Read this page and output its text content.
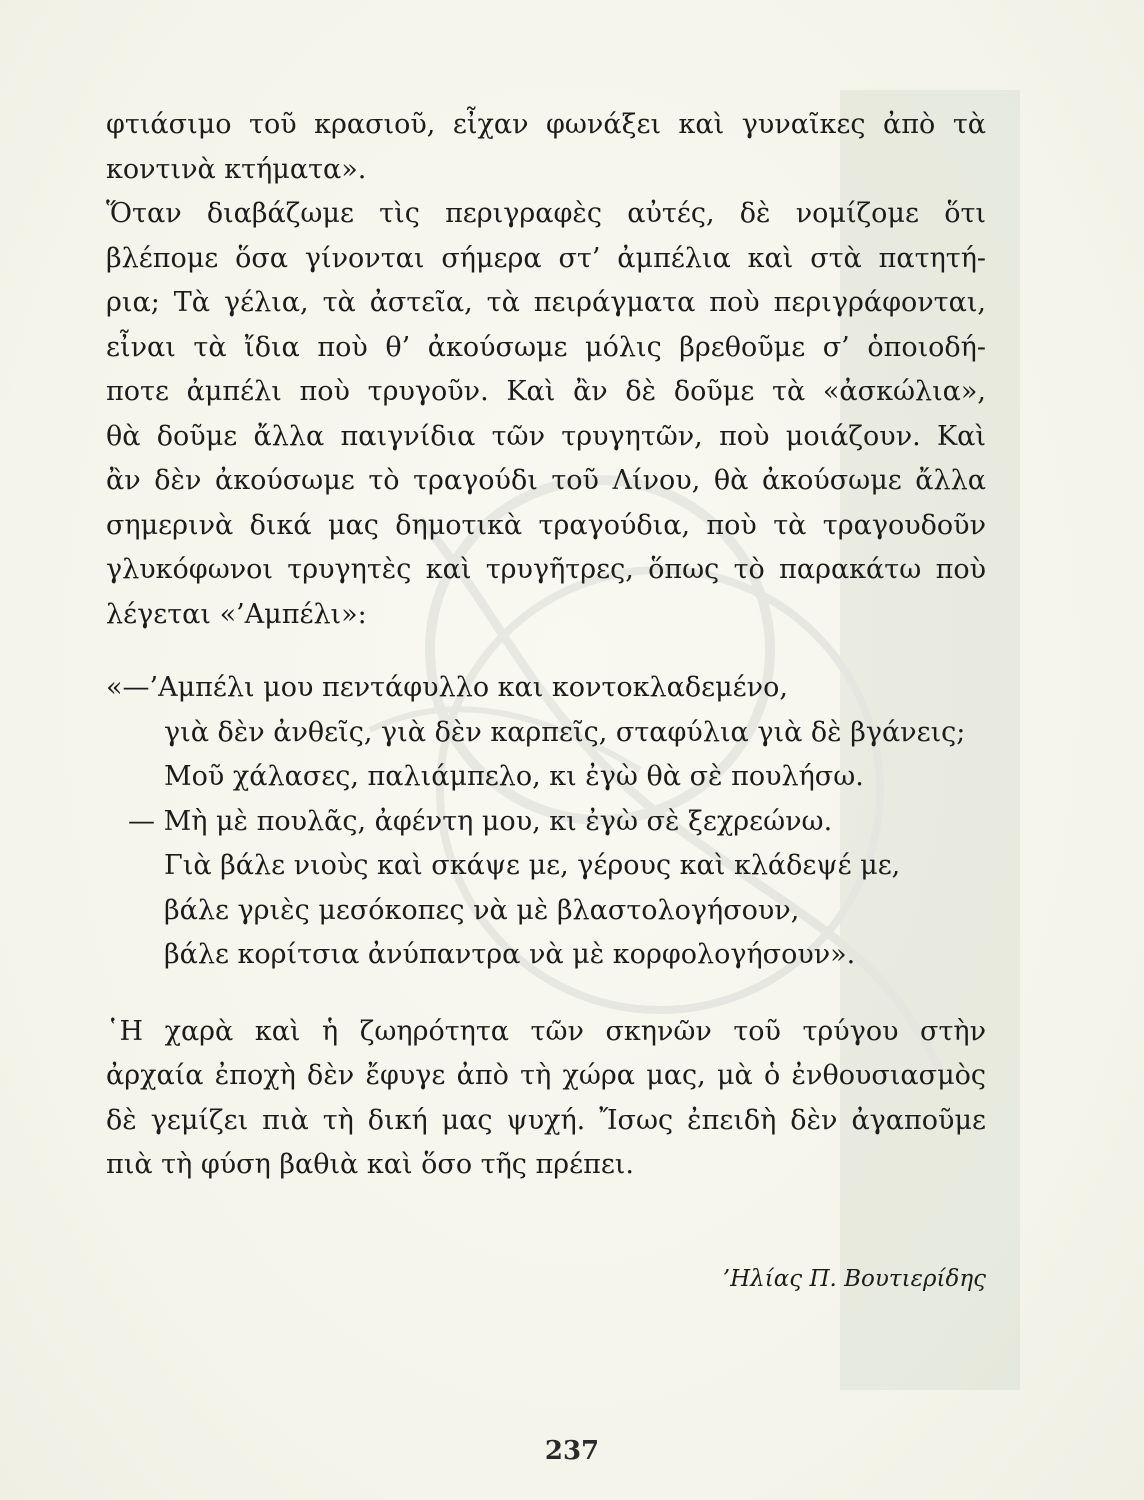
φτιάσιμο τοῦ κρασιοῦ, εἶχαν φωνάξει καὶ γυναῖκες ἀπὸ τὰ
κοντινὰ κτήματα».
Ὅταν διαβάζωμε τὶς περιγραφὲς αὐτές, δὲ νομίζομε ὅτι
βλέπομε ὅσα γίνονται σήμερα στ’ ἀμπέλια καὶ στὰ πατητή-
ρια; Τὰ γέλια, τὰ ἀστεῖα, τὰ πειράγματα ποὺ περιγράφονται,
εἶναι τὰ ἴδια ποὺ θ’ ἀκούσωμε μόλις βρεθοῦμε σ’ ὁποιοδή-
ποτε ἀμπέλι ποὺ τρυγοῦν. Καὶ ἂν δὲ δοῦμε τὰ «ἀσκώλια»,
θὰ δοῦμε ἄλλα παιγνίδια τῶν τρυγητῶν, ποὺ μοιάζουν. Καὶ
ἂν δὲν ἀκούσωμε τὸ τραγούδι τοῦ Λίνου, θὰ ἀκούσωμε ἄλλα
σημερινὰ δικά μας δημοτικὰ τραγούδια, ποὺ τὰ τραγουδοῦν
γλυκόφωνοι τρυγητὲς καὶ τρυγῆτρες, ὅπως τὸ παρακάτω ποὺ
λέγεται «’Αμπέλι»:
«—’Αμπέλι μου πεντάφυλλο και κοντοκλαδεμένο,
γιὰ δὲν ἀνθεῖς, γιὰ δὲν καρπεῖς, σταφύλια γιὰ δὲ βγάνεις;
Μοῦ χάλασες, παλιάμπελο, κι ἐγὼ θὰ σὲ πουλήσω.
— Μὴ μὲ πουλᾶς, ἀφέντη μου, κι ἐγὼ σὲ ξεχρεώνω.
Γιὰ βάλε νιοὺς καὶ σκάψε με, γέρους καὶ κλάδεψέ με,
βάλε γριὲς μεσόκοπες νὰ μὲ βλαστολογήσουν,
βάλε κορίτσια ἀνύπαντρα νὰ μὲ κορφολογήσουν».
῾Η χαρὰ καὶ ἡ ζωηρότητα τῶν σκηνῶν τοῦ τρύγου στὴν
ἀρχαία ἐποχὴ δὲν ἔφυγε ἀπὸ τὴ χώρα μας, μὰ ὁ ἐνθουσιασμὸς
δὲ γεμίζει πιὰ τὴ δική μας ψυχή. Ἴσως ἐπειδὴ δὲν ἀγαποῦμε
πιὰ τὴ φύση βαθιὰ καὶ ὅσο τῆς πρέπει.
’Ηλίας Π. Βουτιερίδης
237
